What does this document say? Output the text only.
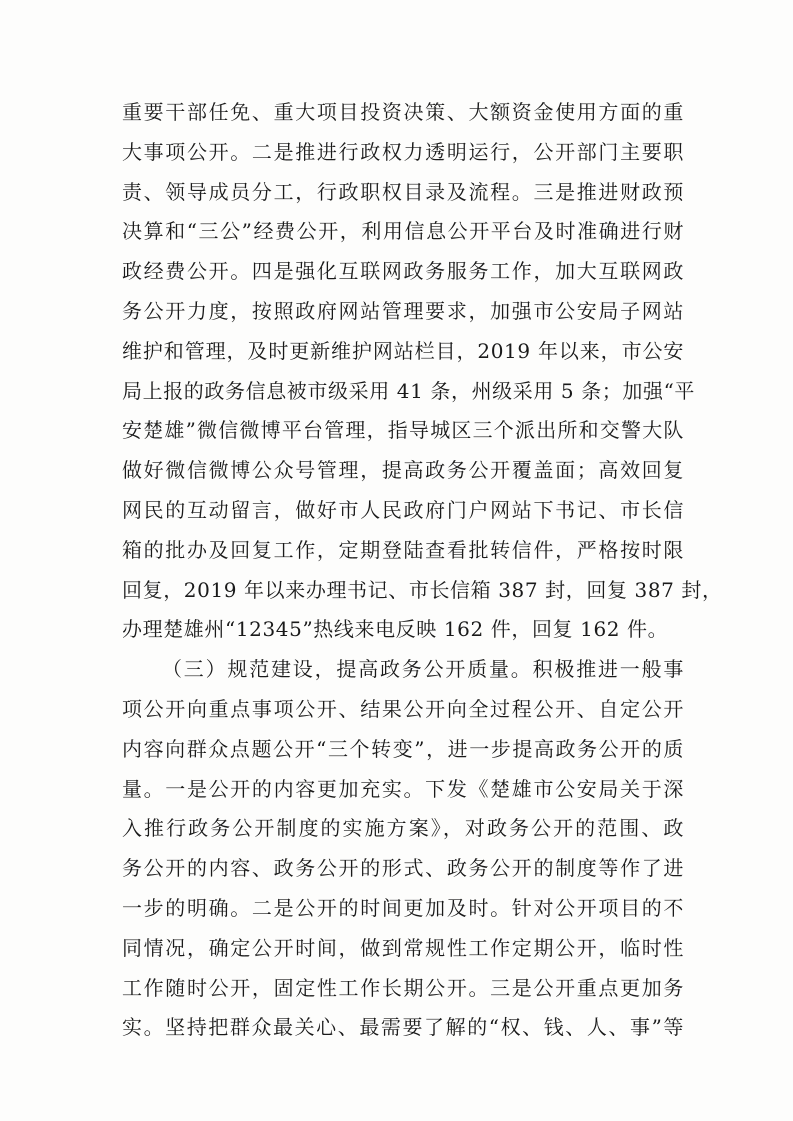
重要干部任免、重大项目投资决策、大额资金使用方面的重
大事项公开。二是推进行政权力透明运行，公开部门主要职
责、领导成员分工，行政职权目录及流程。三是推进财政预
决算和“三公”经费公开，利用信息公开平台及时准确进行财
政经费公开。四是强化互联网政务服务工作，加大互联网政
务公开力度，按照政府网站管理要求，加强市公安局子网站
维护和管理，及时更新维护网站栏目，2019 年以来，市公安
局上报的政务信息被市级采用 41 条，州级采用 5 条；加强“平
安楚雄”微信微博平台管理，指导城区三个派出所和交警大队
做好微信微博公众号管理，提高政务公开覆盖面；高效回复
网民的互动留言，做好市人民政府门户网站下书记、市长信
箱的批办及回复工作，定期登陆查看批转信件，严格按时限
回复，2019 年以来办理书记、市长信箱 387 封，回复 387 封，
办理楚雄州“12345”热线来电反映 162 件，回复 162 件。
（三）规范建设，提高政务公开质量。积极推进一般事
项公开向重点事项公开、结果公开向全过程公开、自定公开
内容向群众点题公开“三个转变”，进一步提高政务公开的质
量。一是公开的内容更加充实。下发《楚雄市公安局关于深
入推行政务公开制度的实施方案》，对政务公开的范围、政
务公开的内容、政务公开的形式、政务公开的制度等作了进
一步的明确。二是公开的时间更加及时。针对公开项目的不
同情况，确定公开时间，做到常规性工作定期公开，临时性
工作随时公开，固定性工作长期公开。三是公开重点更加务
实。坚持把群众最关心、最需要了解的“权、钱、人、事”等
